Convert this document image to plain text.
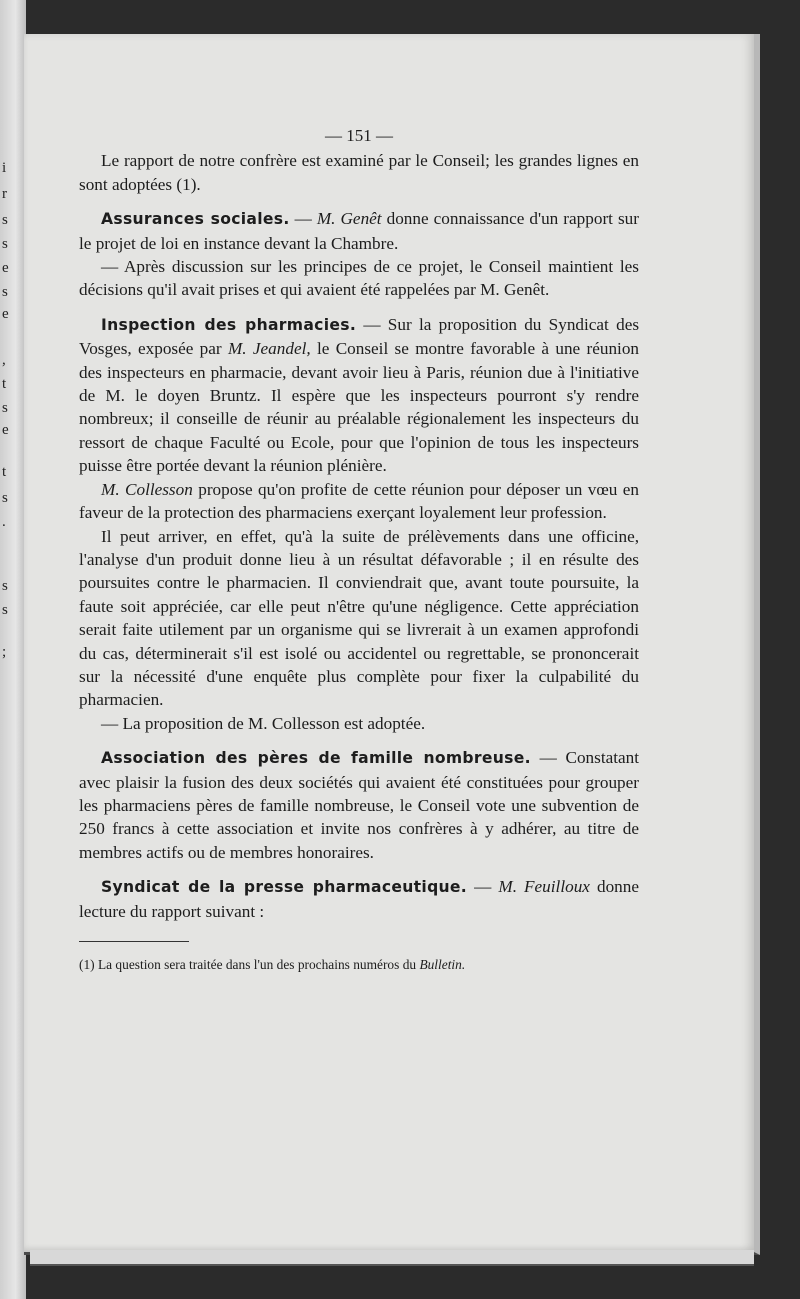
i
r
s
s
e
s
e
,
t
s
e
t
s
.
s
s
;
— 151 —

Le rapport de notre confrère est examiné par le Conseil; les grandes lignes en sont adoptées (1).

Assurances sociales. — M. Genêt donne connaissance d'un rapport sur le projet de loi en instance devant la Chambre.

— Après discussion sur les principes de ce projet, le Conseil maintient les décisions qu'il avait prises et qui avaient été rappelées par M. Genêt.

Inspection des pharmacies. — Sur la proposition du Syndicat des Vosges, exposée par M. Jeandel, le Conseil se montre favorable à une réunion des inspecteurs en pharmacie, devant avoir lieu à Paris, réunion due à l'initiative de M. le doyen Bruntz. Il espère que les inspecteurs pourront s'y rendre nombreux; il conseille de réunir au préalable régionalement les inspecteurs du ressort de chaque Faculté ou Ecole, pour que l'opinion de tous les inspecteurs puisse être portée devant la réunion plénière.

M. Collesson propose qu'on profite de cette réunion pour déposer un vœu en faveur de la protection des pharmaciens exerçant loyalement leur profession.

Il peut arriver, en effet, qu'à la suite de prélèvements dans une officine, l'analyse d'un produit donne lieu à un résultat défavorable ; il en résulte des poursuites contre le pharmacien. Il conviendrait que, avant toute poursuite, la faute soit appréciée, car elle peut n'être qu'une négligence. Cette appréciation serait faite utilement par un organisme qui se livrerait à un examen approfondi du cas, déterminerait s'il est isolé ou accidentel ou regrettable, se prononcerait sur la nécessité d'une enquête plus complète pour fixer la culpabilité du pharmacien.

— La proposition de M. Collesson est adoptée.

Association des pères de famille nombreuse. — Constatant avec plaisir la fusion des deux sociétés qui avaient été constituées pour grouper les pharmaciens pères de famille nombreuse, le Conseil vote une subvention de 250 francs à cette association et invite nos confrères à y adhérer, au titre de membres actifs ou de membres honoraires.

Syndicat de la presse pharmaceutique. — M. Feuilloux donne lecture du rapport suivant :

(1) La question sera traitée dans l'un des prochains numéros du Bulletin.
